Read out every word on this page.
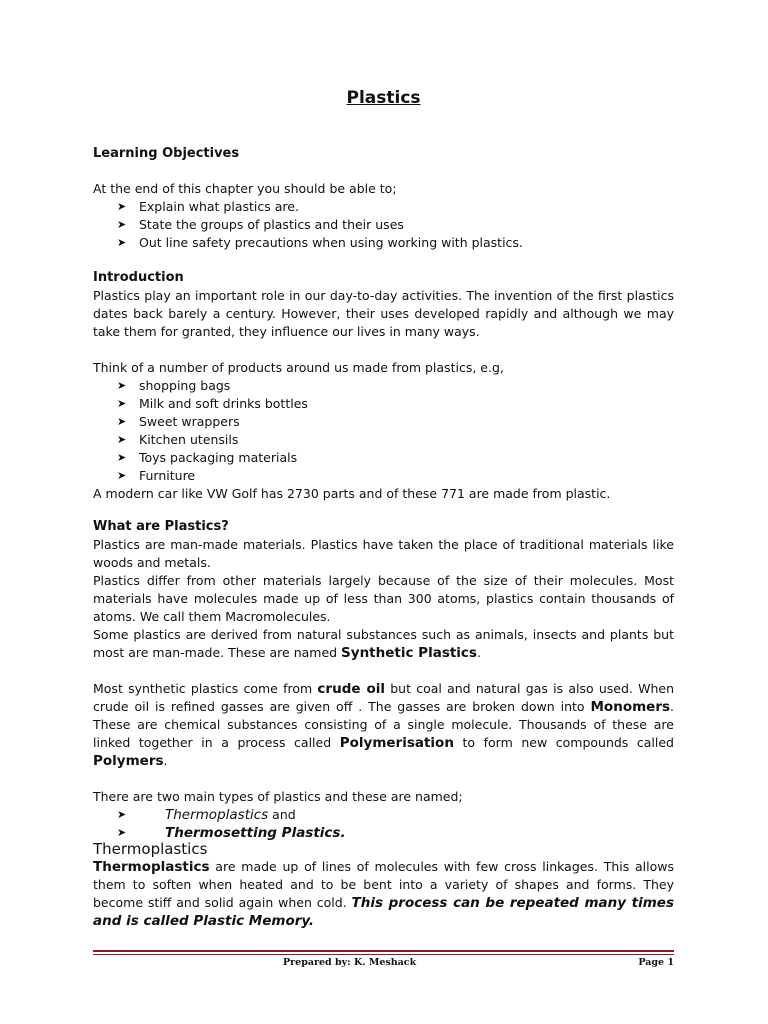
Plastics

Learning Objectives

At the end of this chapter you should be able to;

➤ Explain what plastics are.
➤ State the groups of plastics and their uses
➤ Out line safety precautions when using working with plastics.

Introduction

Plastics play an important role in our day-to-day activities. The invention of the first plastics dates back barely a century. However, their uses developed rapidly and although we may take them for granted, they influence our lives in many ways.

Think of a number of products around us made from plastics, e.g,

➤ shopping bags
➤ Milk and soft drinks bottles
➤ Sweet wrappers
➤ Kitchen utensils
➤ Toys packaging materials
➤ Furniture

A modern car like VW Golf has 2730 parts and of these 771 are made from plastic.

What are Plastics?

Plastics are man-made materials. Plastics have taken the place of traditional materials like woods and metals.

Plastics differ from other materials largely because of the size of their molecules. Most materials have molecules made up of less than 300 atoms, plastics contain thousands of atoms. We call them Macromolecules.

Some plastics are derived from natural substances such as animals, insects and plants but most are man-made. These are named Synthetic Plastics.

Most synthetic plastics come from crude oil but coal and natural gas is also used. When crude oil is refined gasses are given off . The gasses are broken down into Monomers. These are chemical substances consisting of a single molecule. Thousands of these are linked together in a process called Polymerisation to form new compounds called Polymers.

There are two main types of plastics and these are named;

➤	Thermoplastics and
➤	Thermosetting Plastics.

Thermoplastics

Thermoplastics are made up of lines of molecules with few cross linkages. This allows them to soften when heated and to be bent into a variety of shapes and forms. They become stiff and solid again when cold. This process can be repeated many times and is called Plastic Memory.

Prepared by: K. Meshack	Page 1
